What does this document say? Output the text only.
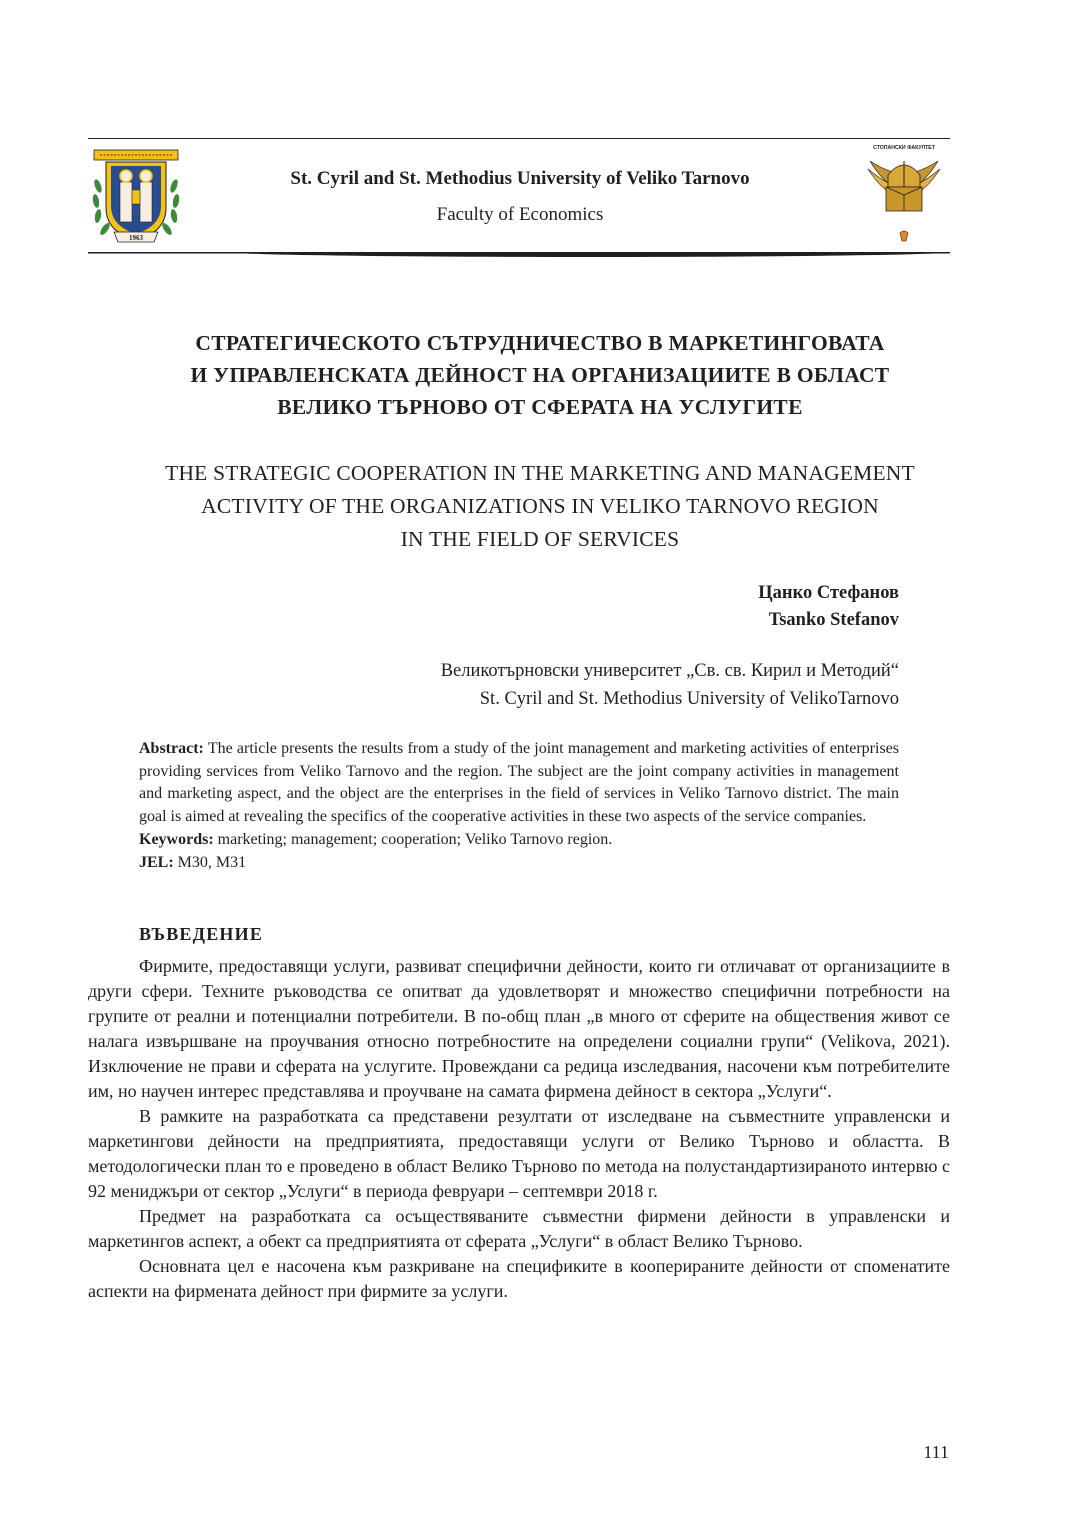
1963
СТОПАНСКИ ФАКУЛТЕТ
St. Cyril and St. Methodius University of Veliko Tarnovo
Faculty of Economics
СТРАТЕГИЧЕСКОТО СЪТРУДНИЧЕСТВО В МАРКЕТИНГОВАТА
И УПРАВЛЕНСКАТА ДЕЙНОСТ НА ОРГАНИЗАЦИИТЕ В ОБЛАСТ
ВЕЛИКО ТЪРНОВО ОТ СФЕРАТА НА УСЛУГИТЕ
THE STRATEGIC COOPERATION IN THE MARKETING AND MANAGEMENT
ACTIVITY OF THE ORGANIZATIONS IN VELIKO TARNOVO REGION
IN THE FIELD OF SERVICES
Цанко Стефанов
Tsanko Stefanov
Великотърновски университет „Св. св. Кирил и Методий“
St. Cyril and St. Methodius University of VelikoTarnovo
Abstract: The article presents the results from a study of the joint management and marketing activities of enterprises providing services from Veliko Tarnovo and the region. The subject are the joint company activities in management and marketing aspect, and the object are the enterprises in the field of services in Veliko Tarnovo district. The main goal is aimed at revealing the specifics of the cooperative activities in these two aspects of the service companies.
Keywords: marketing; management; cooperation; Veliko Tarnovo region.
JEL: M30, M31
ВЪВЕДЕНИЕ

Фирмите, предоставящи услуги, развиват специфични дейности, които ги отличават от организациите в други сфери. Техните ръководства се опитват да удовлетворят и множество специфични потребности на групите от реални и потенциални потребители. В по-общ план „в много от сферите на обществения живот се налага извършване на проучвания относно потребностите на определени социални групи“ (Velikova, 2021). Изключение не прави и сферата на услугите. Провеждани са редица изследвания, насочени към потребителите им, но научен интерес представлява и проучване на самата фирмена дейност в сектора „Услуги“.

В рамките на разработката са представени резултати от изследване на съвместните управленски и маркетингови дейности на предприятията, предоставящи услуги от Велико Търново и областта. В методологически план то е проведено в област Велико Търново по метода на полустандартизираното интервю с 92 мениджъри от сектор „Услуги“ в периода февруари – септември 2018 г.

Предмет на разработката са осъществяваните съвместни фирмени дейности в управленски и маркетингов аспект, а обект са предприятията от сферата „Услуги“ в област Велико Търново.

Основната цел е насочена към разкриване на спецификите в кооперираните дейности от споменатите аспекти на фирмената дейност при фирмите за услуги.

111
